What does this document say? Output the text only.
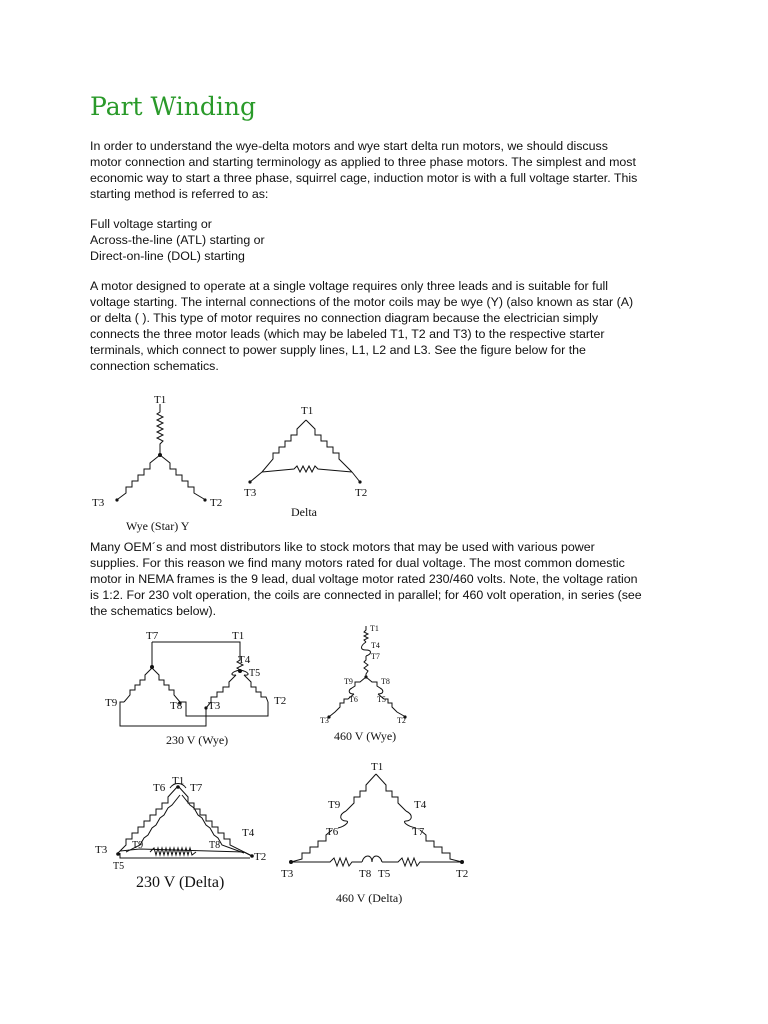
Part Winding
In order to understand the wye-delta motors and wye start delta run motors, we should discuss
motor connection and starting terminology as applied to three phase motors. The simplest and most
economic way to start a three phase, squirrel cage, induction motor is with a full voltage starter. This
starting method is referred to as:
Full voltage starting or
Across-the-line (ATL) starting or
Direct-on-line (DOL) starting
A motor designed to operate at a single voltage requires only three leads and is suitable for full
voltage starting. The internal connections of the motor coils may be wye (Y) (also known as star (A)
or delta ( ). This type of motor requires no connection diagram because the electrician simply
connects the three motor leads (which may be labeled T1, T2 and T3) to the respective starter
terminals, which connect to power supply lines, L1, L2 and L3. See the figure below for the
connection schematics.
Many OEM´s and most distributors like to stock motors that may be used with various power
supplies. For this reason we find many motors rated for dual voltage. The most common domestic
motor in NEMA frames is the 9 lead, dual voltage motor rated 230/460 volts. Note, the voltage ration
is 1:2. For 230 volt operation, the coils are connected in parallel; for 460 volt operation, in series (see
the schematics below).
T1
T3	T2
Wye (Star) Y
T1
T3	T2
Delta
T7	T1
T4
T5
T9	T8 T3	T2
230 V (Wye)
T1
T4
T7
T9	T8
T6 T5
T3	T2
460 V (Wye)
T1
T6 T7
T4
T9	T8
T3
T2
T5
230 V (Delta)
T1
T9	T4
T6	T7
T3	T8 T5	T2
460 V (Delta)
